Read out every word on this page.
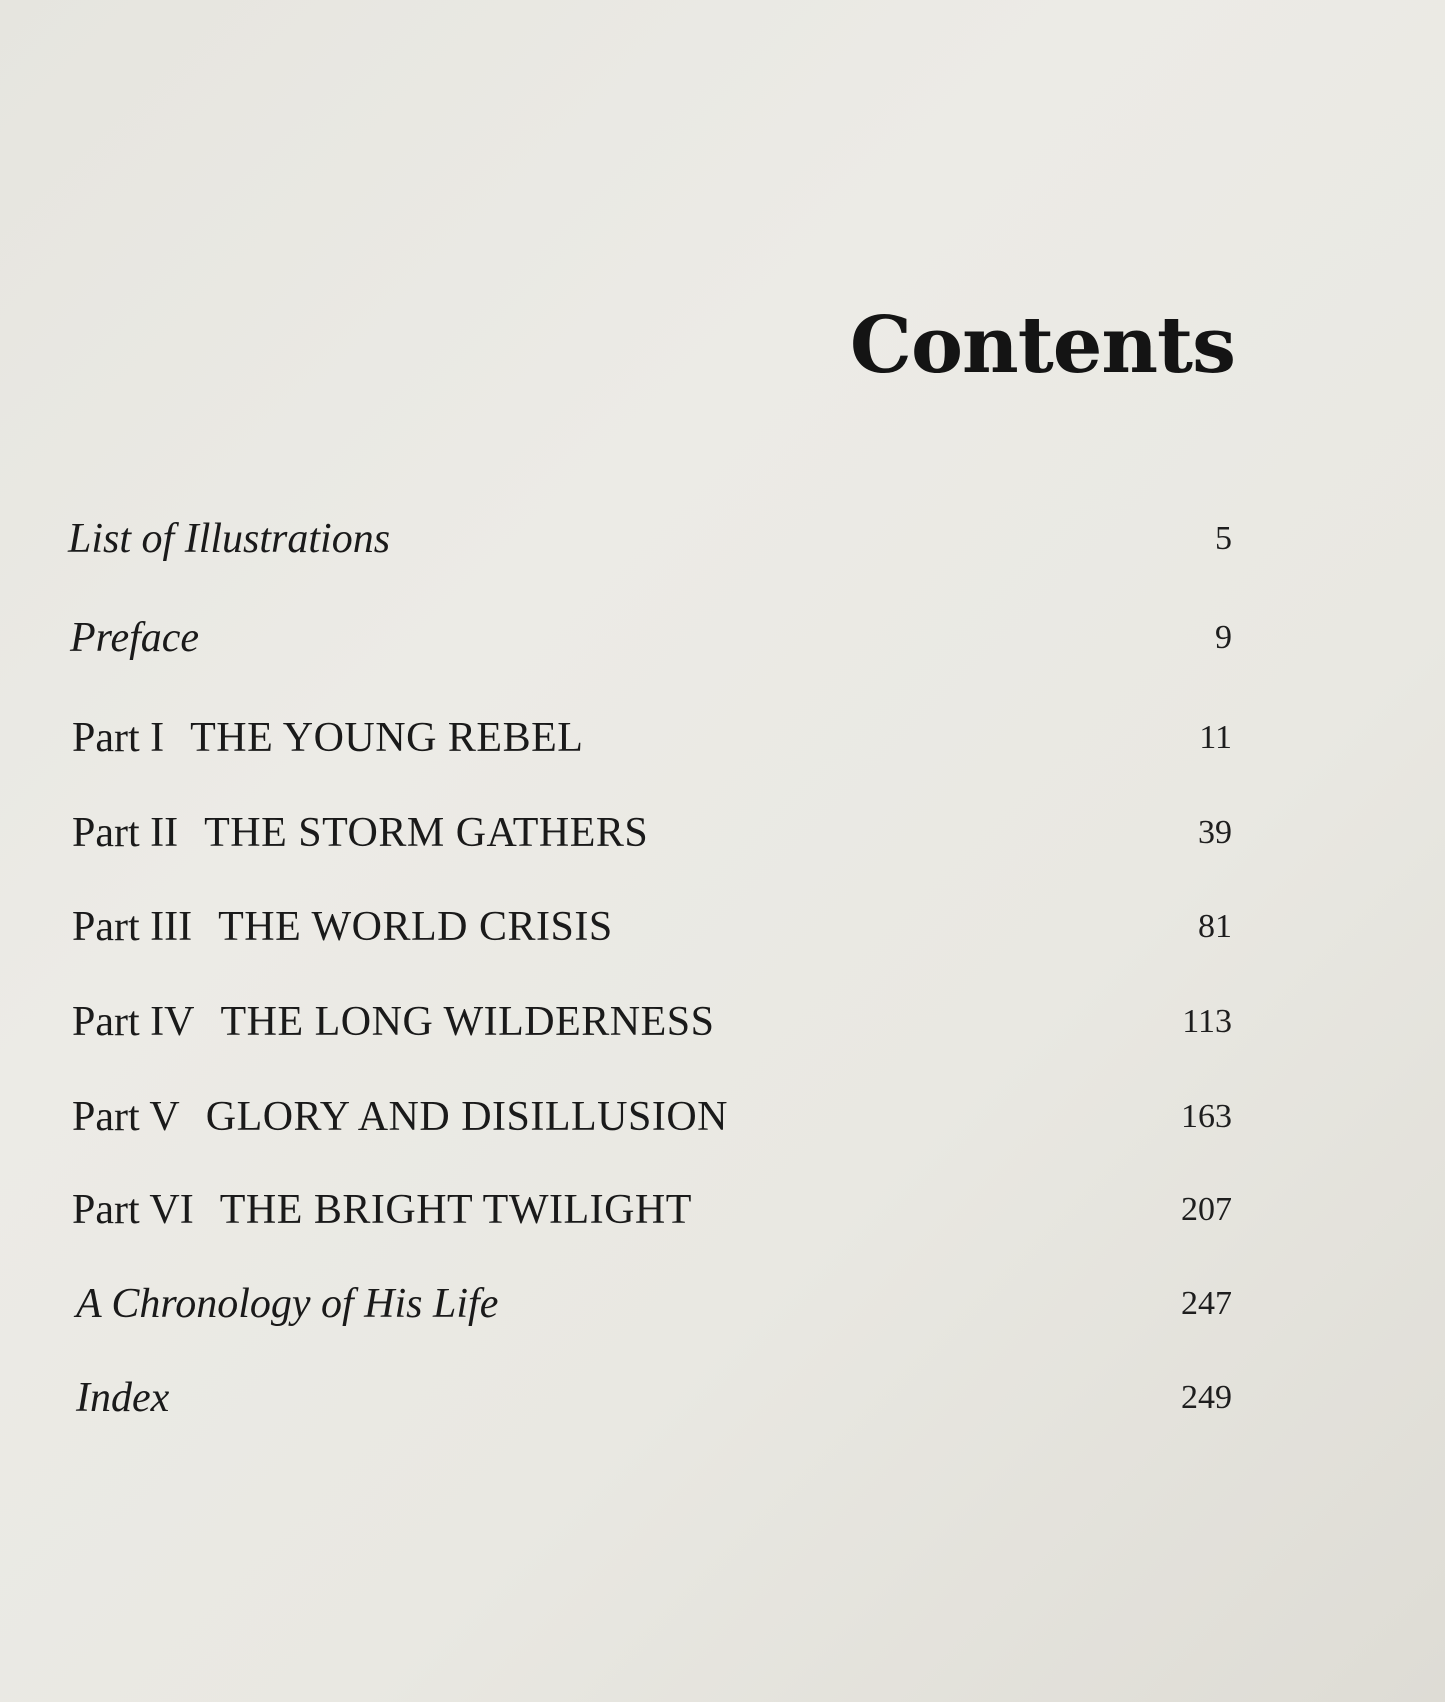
Contents
List of Illustrations	5
Preface	9
Part I THE YOUNG REBEL	11
Part II THE STORM GATHERS	39
Part III THE WORLD CRISIS	81
Part IV THE LONG WILDERNESS	113
Part V GLORY AND DISILLUSION	163
Part VI THE BRIGHT TWILIGHT	207
A Chronology of His Life	247
Index	249
